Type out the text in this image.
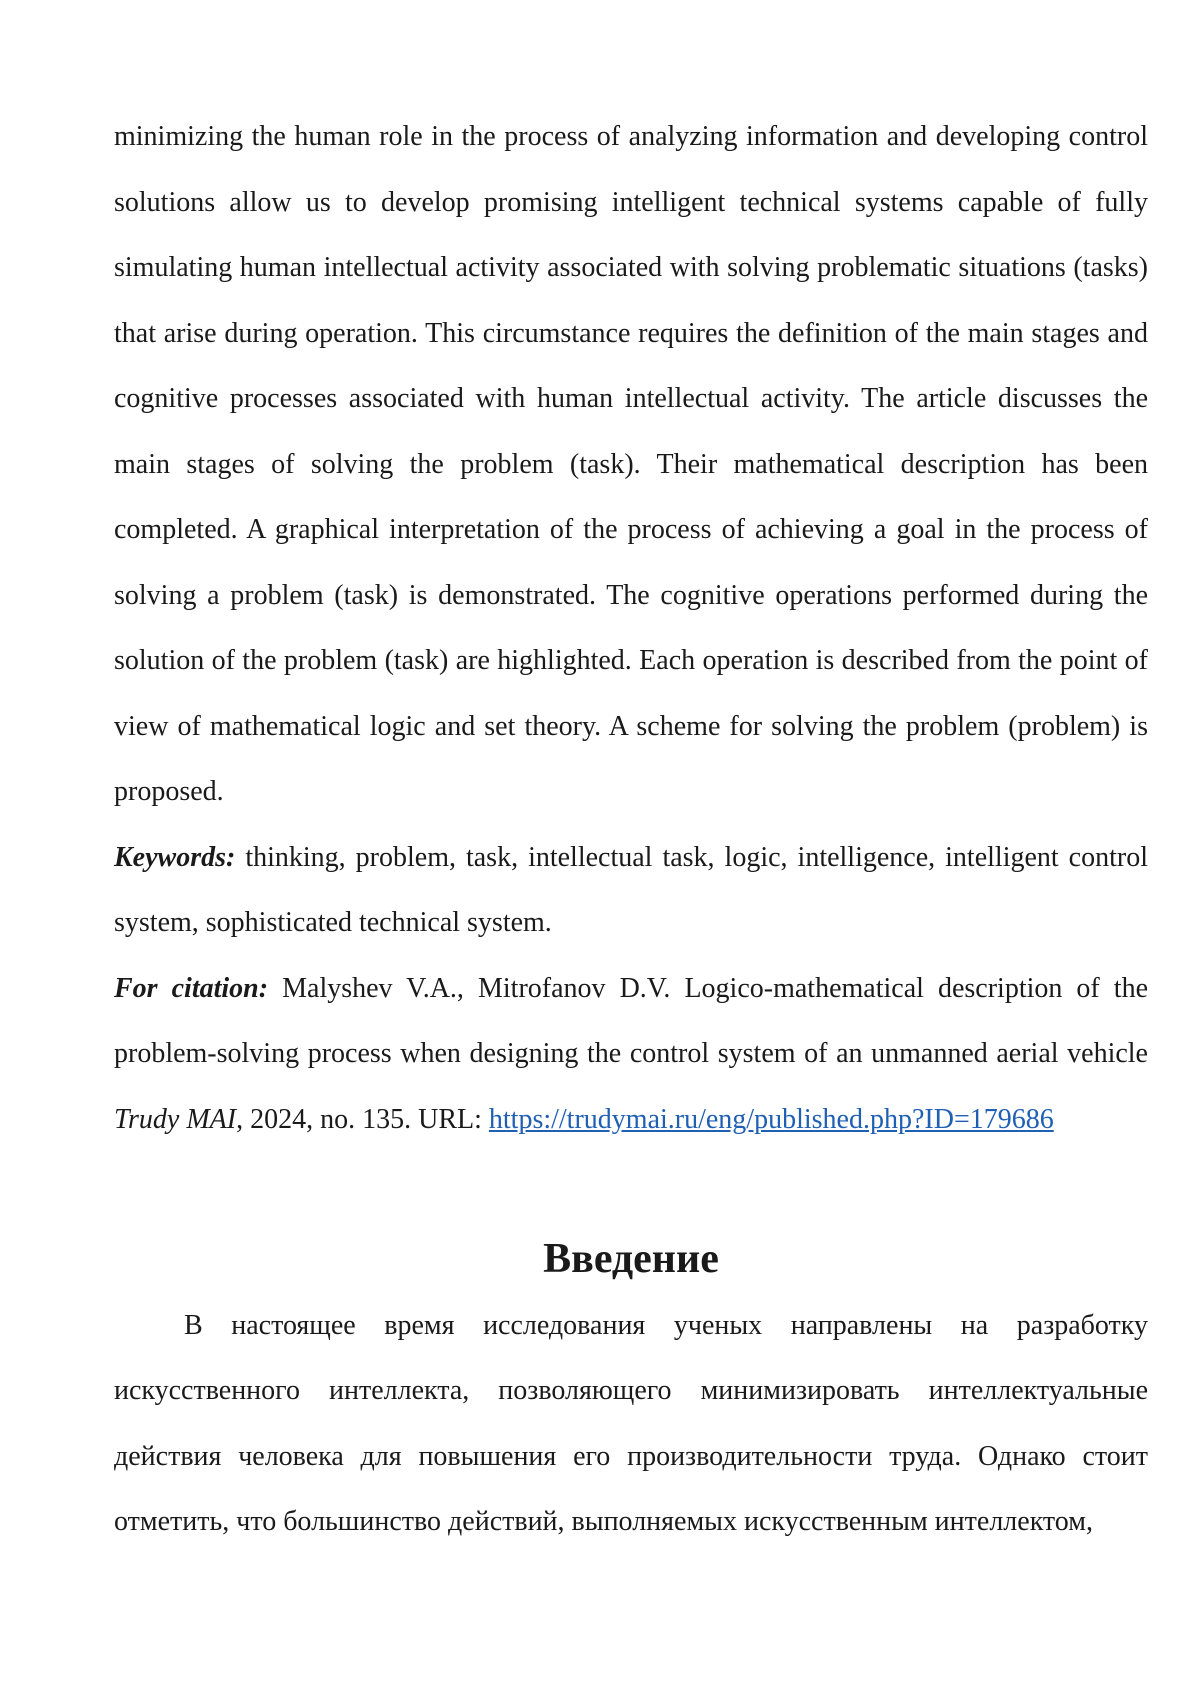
minimizing the human role in the process of analyzing information and developing control solutions allow us to develop promising intelligent technical systems capable of fully simulating human intellectual activity associated with solving problematic situations (tasks) that arise during operation. This circumstance requires the definition of the main stages and cognitive processes associated with human intellectual activity. The article discusses the main stages of solving the problem (task). Their mathematical description has been completed. A graphical interpretation of the process of achieving a goal in the process of solving a problem (task) is demonstrated. The cognitive operations performed during the solution of the problem (task) are highlighted. Each operation is described from the point of view of mathematical logic and set theory. A scheme for solving the problem (problem) is proposed.

Keywords: thinking, problem, task, intellectual task, logic, intelligence, intelligent control system, sophisticated technical system.

For citation: Malyshev V.A., Mitrofanov D.V. Logico-mathematical description of the problem-solving process when designing the control system of an unmanned aerial vehicle Trudy MAI, 2024, no. 135. URL: https://trudymai.ru/eng/published.php?ID=179686

Введение

В настоящее время исследования ученых направлены на разработку искусственного интеллекта, позволяющего минимизировать интеллектуальные действия человека для повышения его производительности труда. Однако стоит отметить, что большинство действий, выполняемых искусственным интеллектом,
